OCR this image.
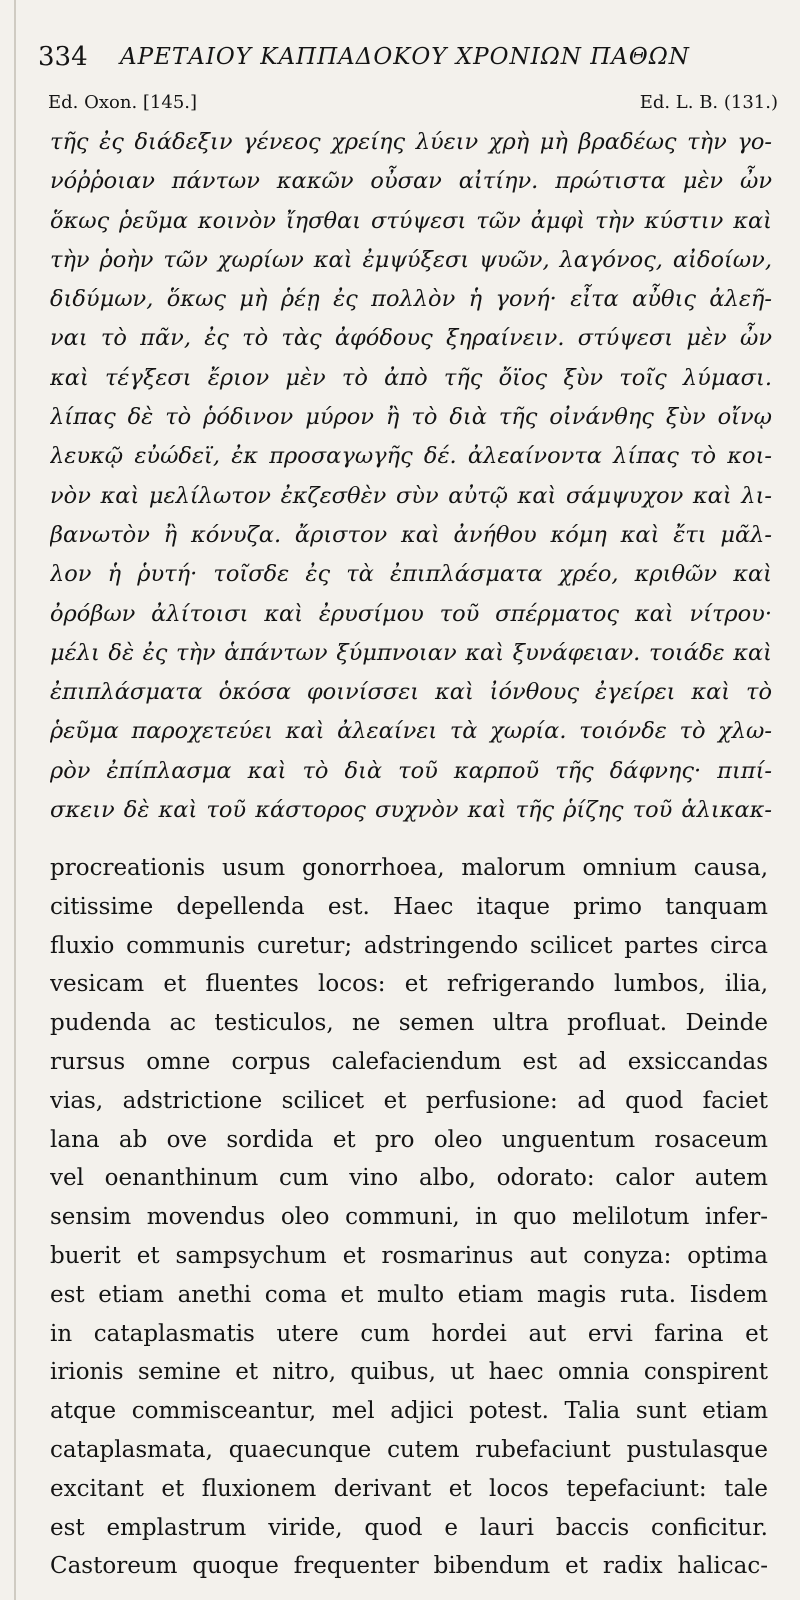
334 ΑΡΕΤΑΙΟΥ ΚΑΠΠΑΔΟΚΟΥ ΧΡΟΝΙΩΝ ΠΑΘΩΝ
Ed. Oxon. [145.]	Ed. L. B. (131.)
τῆς ἐς διάδεξιν γένεος χρείης λύειν χρὴ μὴ βραδέως τὴν γο-
νόῤῥοιαν πάντων κακῶν οὖσαν αἰτίην. πρώτιστα μὲν ὦν
ὅκως ῥεῦμα κοινὸν ἴησθαι στύψεσι τῶν ἀμφὶ τὴν κύστιν καὶ
τὴν ῥοὴν τῶν χωρίων καὶ ἐμψύξεσι ψυῶν, λαγόνος, αἰδοίων,
διδύμων, ὅκως μὴ ῥέῃ ἐς πολλὸν ἡ γονή· εἶτα αὖθις ἀλεῆ-
ναι τὸ πᾶν, ἐς τὸ τὰς ἀφόδους ξηραίνειν. στύψεσι μὲν ὦν
καὶ τέγξεσι ἔριον μὲν τὸ ἀπὸ τῆς ὄϊος ξὺν τοῖς λύμασι.
λίπας δὲ τὸ ῥόδινον μύρον ἢ τὸ διὰ τῆς οἰνάνθης ξὺν οἴνῳ
λευκῷ εὐώδεϊ, ἐκ προσαγωγῆς δέ. ἀλεαίνοντα λίπας τὸ κοι-
νὸν καὶ μελίλωτον ἐκζεσθὲν σὺν αὐτῷ καὶ σάμψυχον καὶ λι-
βανωτὸν ἢ κόνυζα. ἄριστον καὶ ἀνήθου κόμη καὶ ἔτι μᾶλ-
λον ἡ ῥυτή· τοῖσδε ἐς τὰ ἐπιπλάσματα χρέο, κριθῶν καὶ
ὀρόβων ἀλίτοισι καὶ ἐρυσίμου τοῦ σπέρματος καὶ νίτρου·
μέλι δὲ ἐς τὴν ἁπάντων ξύμπνοιαν καὶ ξυνάφειαν. τοιάδε καὶ
ἐπιπλάσματα ὁκόσα φοινίσσει καὶ ἰόνθους ἐγείρει καὶ τὸ
ῥεῦμα παροχετεύει καὶ ἀλεαίνει τὰ χωρία. τοιόνδε τὸ χλω-
ρὸν ἐπίπλασμα καὶ τὸ διὰ τοῦ καρποῦ τῆς δάφνης· πιπί-
σκειν δὲ καὶ τοῦ κάστορος συχνὸν καὶ τῆς ῥίζης τοῦ ἁλικακ-
procreationis usum gonorrhoea, malorum omnium causa,
citissime depellenda est. Haec itaque primo tanquam
fluxio communis curetur; adstringendo scilicet partes circa
vesicam et fluentes locos: et refrigerando lumbos, ilia,
pudenda ac testiculos, ne semen ultra profluat. Deinde
rursus omne corpus calefaciendum est ad exsiccandas
vias, adstrictione scilicet et perfusione: ad quod faciet
lana ab ove sordida et pro oleo unguentum rosaceum
vel oenanthinum cum vino albo, odorato: calor autem
sensim movendus oleo communi, in quo melilotum infer-
buerit et sampsychum et rosmarinus aut conyza: optima
est etiam anethi coma et multo etiam magis ruta. Iisdem
in cataplasmatis utere cum hordei aut ervi farina et
irionis semine et nitro, quibus, ut haec omnia conspirent
atque commisceantur, mel adjici potest. Talia sunt etiam
cataplasmata, quaecunque cutem rubefaciunt pustulasque
excitant et fluxionem derivant et locos tepefaciunt: tale
est emplastrum viride, quod e lauri baccis conficitur.
Castoreum quoque frequenter bibendum et radix halicac-
